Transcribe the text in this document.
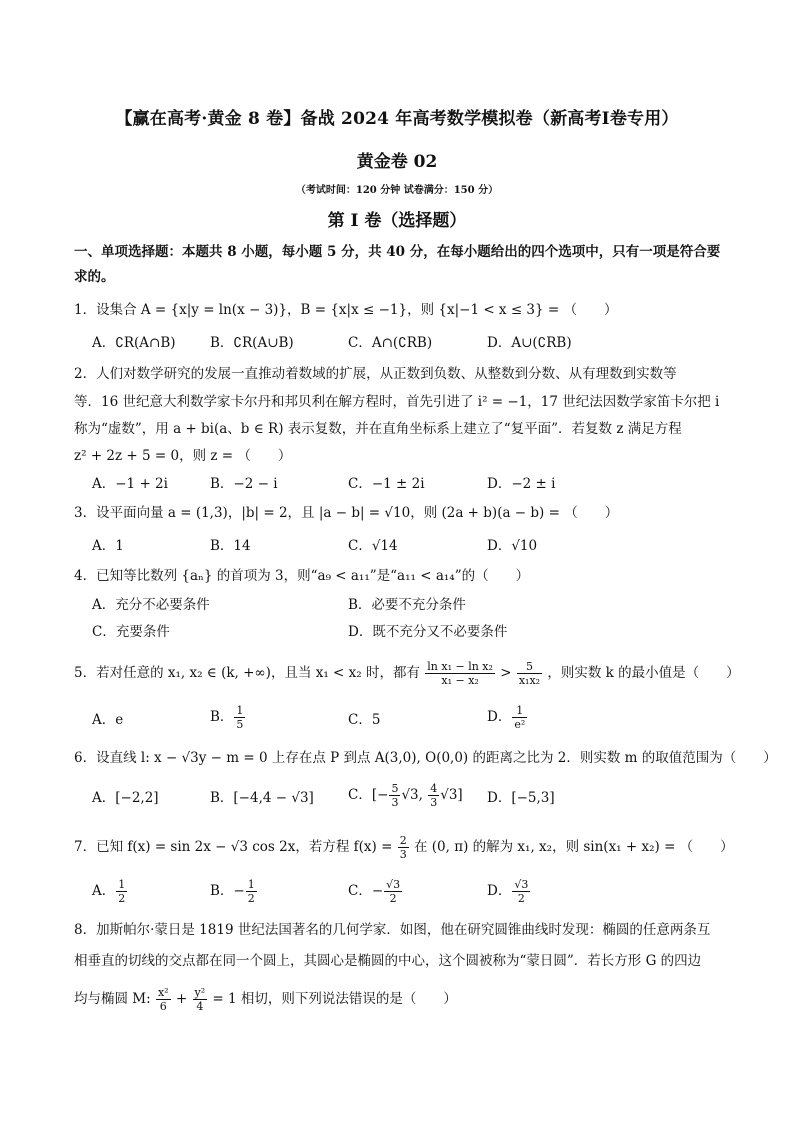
【赢在高考·黄金 8 卷】备战 2024 年高考数学模拟卷（新高考Ⅰ卷专用）
黄金卷 02
（考试时间：120 分钟 试卷满分：150 分）
第 I 卷（选择题）
一、单项选择题：本题共 8 小题，每小题 5 分，共 40 分，在每小题给出的四个选项中，只有一项是符合要
求的。
1．设集合 A = {x|y = ln(x − 3)}，B = {x|x ≤ −1}，则 {x|−1 < x ≤ 3} = （　　）
A．∁R(A∩B)	B．∁R(A∪B)	C．A∩(∁RB)	D．A∪(∁RB)
2．人们对数学研究的发展一直推动着数域的扩展，从正数到负数、从整数到分数、从有理数到实数等
等．16 世纪意大利数学家卡尔丹和邦贝利在解方程时，首先引进了 i² = −1，17 世纪法因数学家笛卡尔把 i
称为“虚数”，用 a + bi(a、b ∈ R) 表示复数，并在直角坐标系上建立了“复平面”．若复数 z 满足方程
z² + 2z + 5 = 0，则 z = （　　）
A．−1 + 2i	B．−2 − i	C．−1 ± 2i	D．−2 ± i
3．设平面向量 a = (1,3)，|b| = 2，且 |a − b| = √10，则 (2a + b)(a − b) = （　　）
A．1	B．14	C．√14	D．√10
4．已知等比数列 {aₙ} 的首项为 3，则“a₉ < a₁₁”是“a₁₁ < a₁₄”的（　　）
A．充分不必要条件	B．必要不充分条件
C．充要条件	D．既不充分又不必要条件
5．若对任意的 x₁, x₂ ∈ (k, +∞)，且当 x₁ < x₂ 时，都有 $\frac{\text{ln x₁ − ln x₂}}{\text{x₁ − x₂}} > \frac{5}{\text{x₁x₂}}$ ，则实数 k 的最小值是（　　）
A．e	B． $\frac{1}{5}$	C．5	D． $\frac{1}{\text{e²}}$
6．设直线 l: x − √3y − m = 0 上存在点 P 到点 A(3,0), O(0,0) 的距离之比为 2．则实数 m 的取值范围为（　　）
A．[−2,2]	B．[−4,4 − √3]	C．[− $\frac{5}{3} √3$, $\frac{4}{3} √3$] D．[−5,3]
7．已知 f(x) = sin 2x − √3 cos 2x，若方程 $f(x) = \frac{2}{3}$ 在 (0, π) 的解为 x₁, x₂，则 sin(x₁ + x₂) = （　　）
A． $\frac{1}{2}$	B．− $\frac{1}{2}$	C．− $\frac{√3}{2}$	D． $\frac{√3}{2}$
8．加斯帕尔·蒙日是 1819 世纪法国著名的几何学家．如图，他在研究圆锥曲线时发现：椭圆的任意两条互
相垂直的切线的交点都在同一个圆上，其圆心是椭圆的中心，这个圆被称为“蒙日圆”．若长方形 G 的四边
均与椭圆 M: $\frac{\text{x²}}{6} + \frac{\text{y²}}{4} = 1$ 相切，则下列说法错误的是（　　）
